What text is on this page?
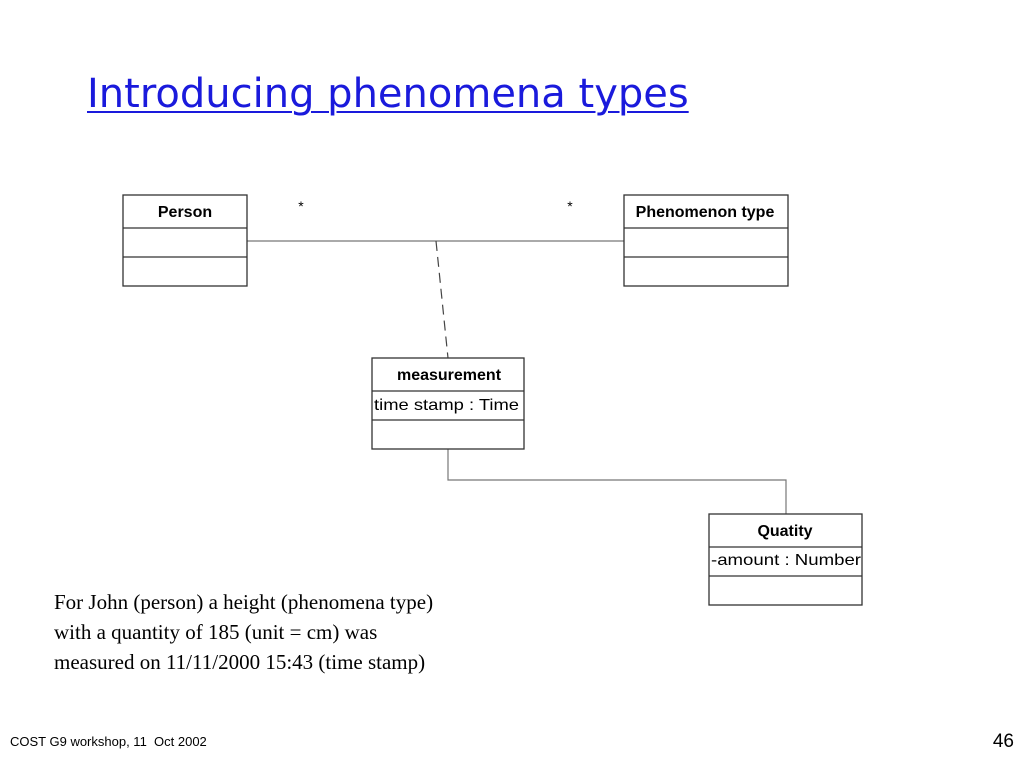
Introducing phenomena types
*	*
Person	Phenomenon type
measurement
time stamp : Time
Quatity
-amount : Number

For John (person) a height (phenomena type)
with a quantity of 185 (unit = cm) was
measured on 11/11/2000 15:43 (time stamp)

COST G9 workshop, 11  Oct 2002	46
